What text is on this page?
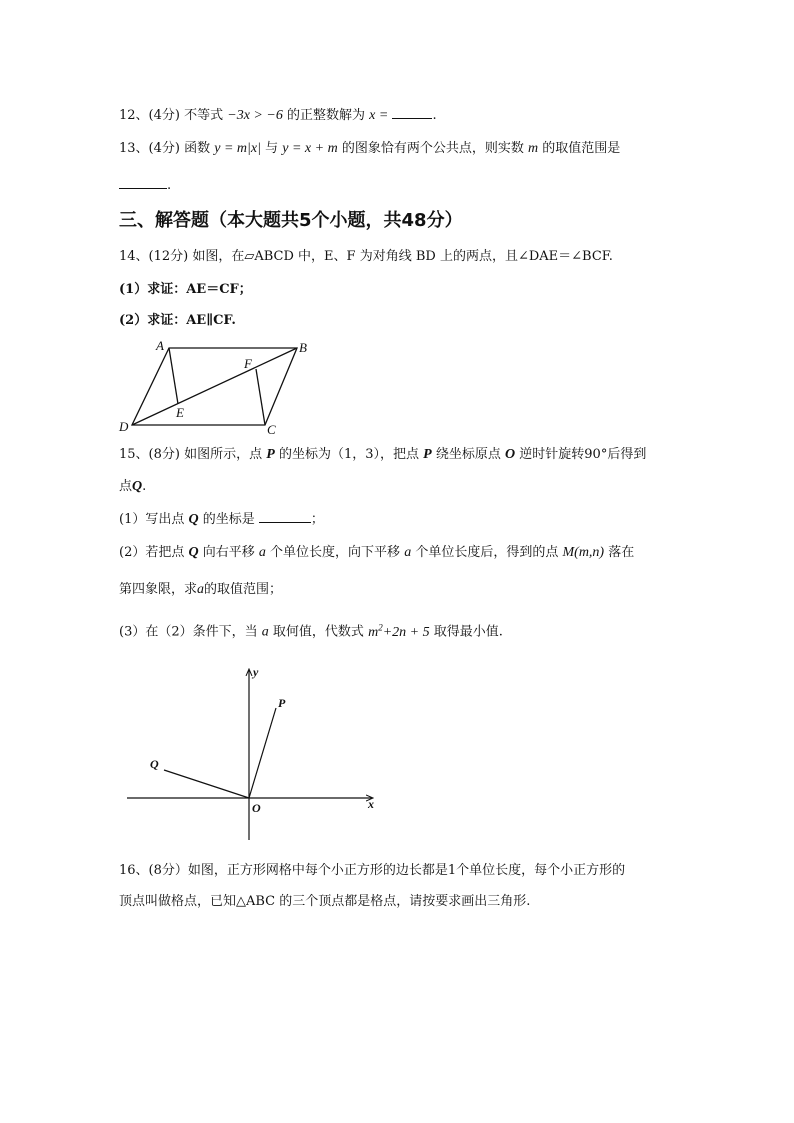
12、(4分) 不等式 −3x > −6 的正整数解为 x =	.
13、(4分) 函数 y = m|x| 与 y = x + m 的图象恰有两个公共点，则实数 m 的取值范围是
.
三、解答题（本大题共5个小题，共48分）
14、(12分) 如图，在▱ABCD 中，E、F 为对角线 BD 上的两点，且∠DAE＝∠BCF.
(1）求证：AE＝CF；
(2）求证：AE∥CF.
A	B
C
D
E
F
15、(8分) 如图所示，点 P 的坐标为（1，3），把点 P 绕坐标原点 O 逆时针旋转90°后得到
点Q.
(1）写出点 Q 的坐标是	；
(2）若把点 Q 向右平移 a 个单位长度，向下平移 a 个单位长度后，得到的点 M(m,n) 落在
第四象限，求a的取值范围；
(3）在（2）条件下，当 a 取何值，代数式 $m^2+2n + 5$ 取得最小值.
x
y
O
P
Q
16、(8分）如图，正方形网格中每个小正方形的边长都是1个单位长度，每个小正方形的
顶点叫做格点，已知△ABC 的三个顶点都是格点，请按要求画出三角形.
